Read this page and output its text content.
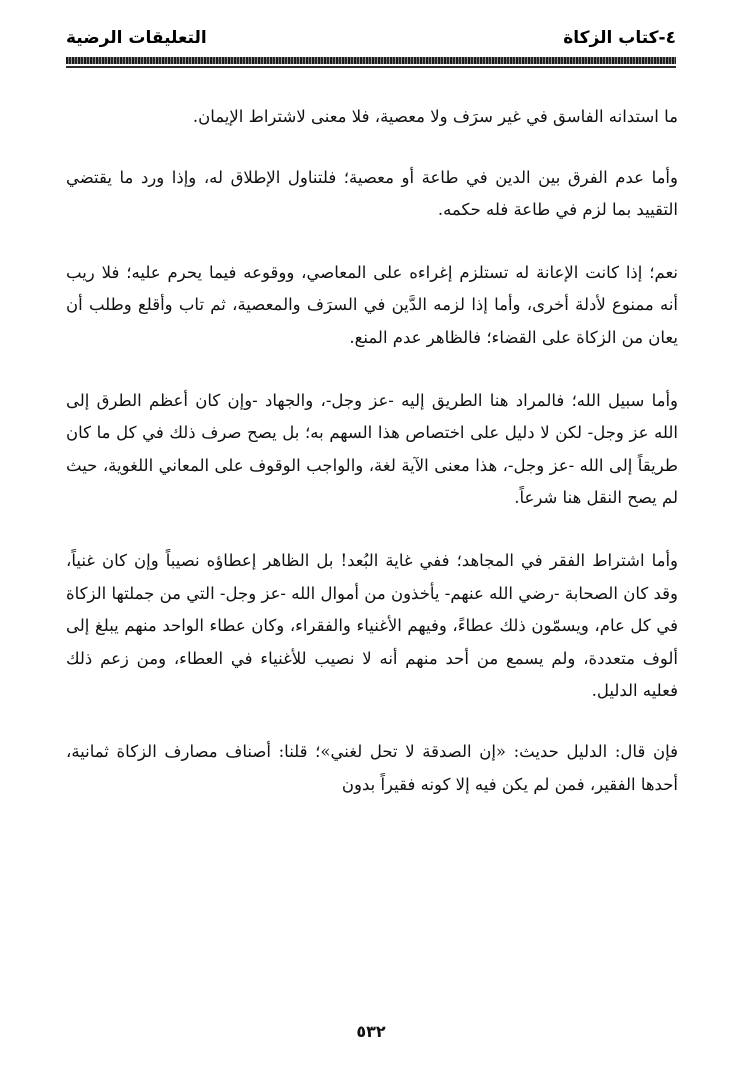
٤-كتاب الزكاة
التعليقات الرضية

ما استدانه الفاسق في غير سرَف ولا معصية، فلا معنى لاشتراط الإيمان.

وأما عدم الفرق بين الدين في طاعة أو معصية؛ فلتناول الإطلاق له، وإذا ورد ما يقتضي التقييد بما لزم في طاعة فله حكمه.

نعم؛ إذا كانت الإعانة له تستلزم إغراءه على المعاصي، ووقوعه فيما يحرم عليه؛ فلا ريب أنه ممنوع لأدلة أخرى، وأما إذا لزمه الدَّين في السرَف والمعصية، ثم تاب وأقلع وطلب أن يعان من الزكاة على القضاء؛ فالظاهر عدم المنع.

وأما سبيل الله؛ فالمراد هنا الطريق إليه -عز وجل-، والجهاد -وإن كان أعظم الطرق إلى الله عز وجل- لكن لا دليل على اختصاص هذا السهم به؛ بل يصح صرف ذلك في كل ما كان طريقاً إلى الله -عز وجل-، هذا معنى الآية لغة، والواجب الوقوف على المعاني اللغوية، حيث لم يصح النقل هنا شرعاً.

وأما اشتراط الفقر في المجاهد؛ ففي غاية البُعد! بل الظاهر إعطاؤه نصيباً وإن كان غنياً، وقد كان الصحابة -رضي الله عنهم- يأخذون من أموال الله -عز وجل- التي من جملتها الزكاة في كل عام، ويسمّون ذلك عطاءً، وفيهم الأغنياء والفقراء، وكان عطاء الواحد منهم يبلغ إلى ألوف متعددة، ولم يسمع من أحد منهم أنه لا نصيب للأغنياء في العطاء، ومن زعم ذلك فعليه الدليل.

فإن قال: الدليل حديث: «إن الصدقة لا تحل لغني»؛ قلنا: أصناف مصارف الزكاة ثمانية، أحدها الفقير، فمن لم يكن فيه إلا كونه فقيراً بدون

٥٣٢
